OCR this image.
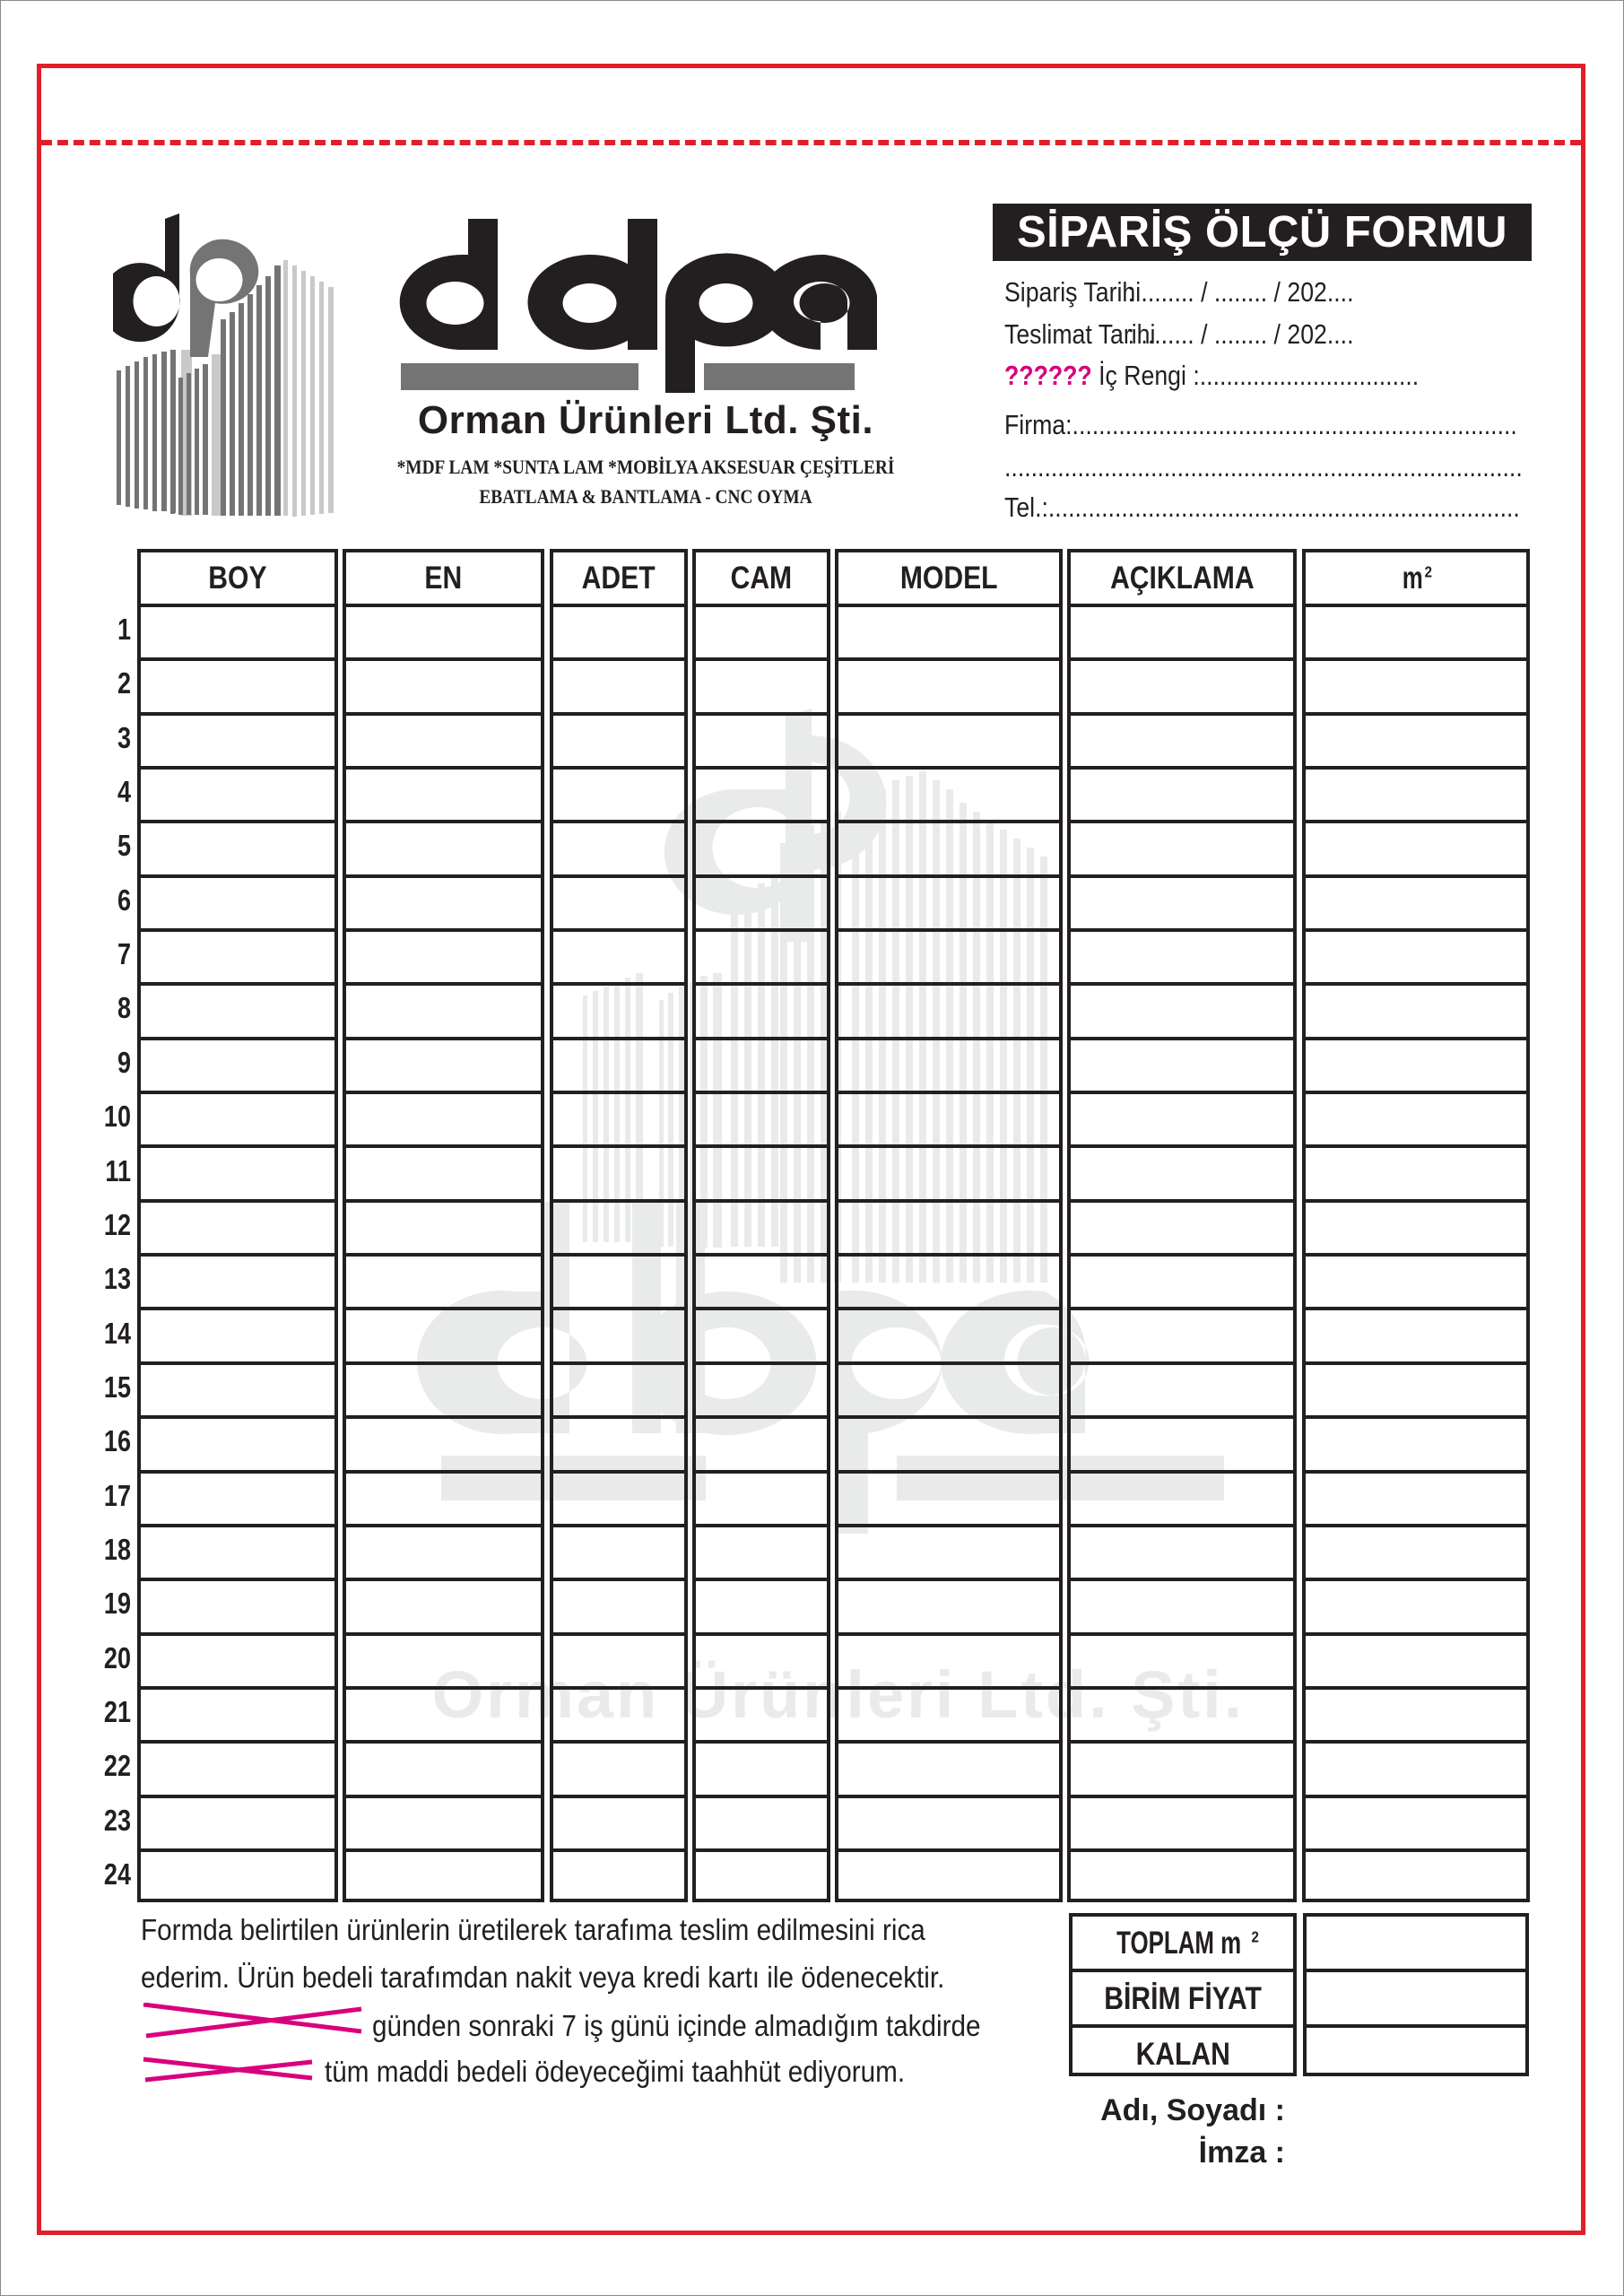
Orman Ürünleri Ltd. Şti.
Orman Ürünleri Ltd. Şti.
*MDF LAM *SUNTA LAM *MOBİLYA AKSESUAR ÇEŞİTLERİ
EBATLAMA & BANTLAMA - CNC OYMA
SİPARİŞ ÖLÇÜ FORMU
Sipariş Tarihi
: ........ / ........ / 202....
Teslimat Tarihi
: ........ / ........ / 202....
?????? İç Rengi :.................................
Firma:...................................................................
..............................................................................
Tel.:.......................................................................
BOY	EN	ADET	CAM	MODEL	AÇIKLAMA	m $^2$
1
2
3
4
5
6
7
8
9
10
11
12
13
14
15
16
17
18
19
20
21
22
23
24
Formda belirtilen ürünlerin üretilerek tarafıma teslim edilmesini rica
ederim. Ürün bedeli tarafımdan nakit veya kredi kartı ile ödenecektir.
günden sonraki 7 iş günü içinde almadığım takdirde
tüm maddi bedeli ödeyeceğimi taahhüt ediyorum.
TOPLAM m $^2$
BİRİM FİYAT
KALAN
Adı, Soyadı :
İmza :
